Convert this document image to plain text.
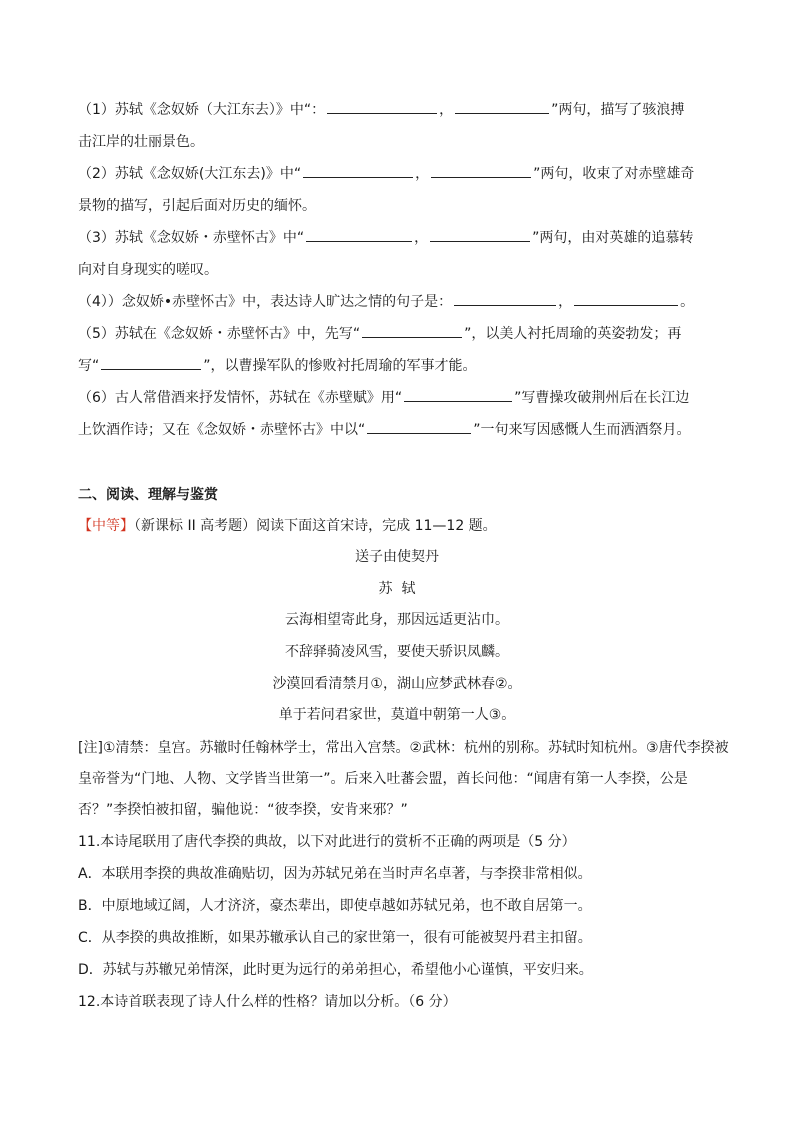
（1）苏轼《念奴娇（大江东去）》中“：	，	”两句，描写了骇浪搏
击江岸的壮丽景色。
（2）苏轼《念奴娇(大江东去)》中“	，	”两句，收束了对赤壁雄奇
景物的描写，引起后面对历史的缅怀。
（3）苏轼《念奴娇・赤壁怀古》中“	，	”两句，由对英雄的追慕转
向对自身现实的嗟叹。
（4））念奴娇•赤壁怀古》中，表达诗人旷达之情的句子是：	，	。
（5）苏轼在《念奴娇・赤壁怀古》中，先写“	”，以美人衬托周瑜的英姿勃发；再
写“	”，以曹操军队的惨败衬托周瑜的军事才能。
（6）古人常借酒来抒发情怀，苏轼在《赤壁赋》用“	”写曹操攻破荆州后在长江边
上饮酒作诗；又在《念奴娇・赤壁怀古》中以“	”一句来写因感慨人生而洒酒祭月。
二、阅读、理解与鉴赏
【中等】（新课标 II 高考题）阅读下面这首宋诗，完成 11—12 题。
送子由使契丹
苏  轼
云海相望寄此身，那因远适更沾巾。
不辞驿骑凌风雪，要使天骄识凤麟。
沙漠回看清禁月①，湖山应梦武林春②。
单于若问君家世，莫道中朝第一人③。
[注]①清禁：皇宫。苏辙时任翰林学士，常出入宫禁。②武林：杭州的别称。苏轼时知杭州。③唐代李揆被
皇帝誉为“门地、人物、文学皆当世第一”。后来入吐蕃会盟，酋长问他：“闻唐有第一人李揆，公是
否？”李揆怕被扣留，骗他说：“彼李揆，安肯来邪？”
11.本诗尾联用了唐代李揆的典故，以下对此进行的赏析不正确的两项是（5 分）
A．本联用李揆的典故准确贴切，因为苏轼兄弟在当时声名卓著，与李揆非常相似。
B．中原地域辽阔，人才济济，豪杰辈出，即使卓越如苏轼兄弟，也不敢自居第一。
C．从李揆的典故推断，如果苏辙承认自己的家世第一，很有可能被契丹君主扣留。
D．苏轼与苏辙兄弟情深，此时更为远行的弟弟担心，希望他小心谨慎，平安归来。
12.本诗首联表现了诗人什么样的性格？请加以分析。（6 分）
